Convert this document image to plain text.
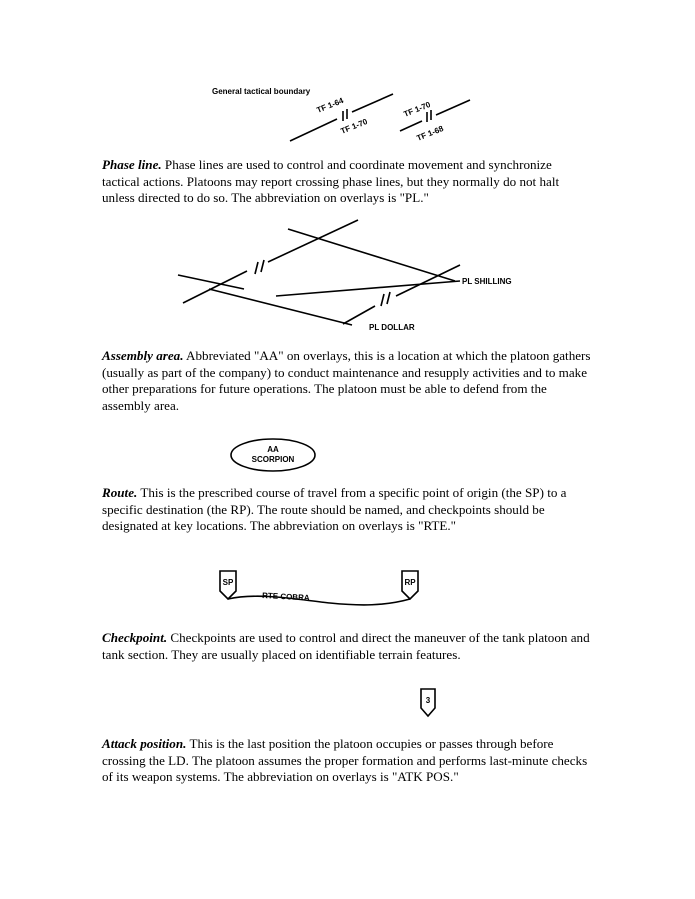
General tactical boundary
TF 1-64
TF 1-70
TF 1-70
TF 1-68

Phase line. Phase lines are used to control and coordinate movement and synchronize tactical actions. Platoons may report crossing phase lines, but they normally do not halt unless directed to do so. The abbreviation on overlays is "PL."

PL SHILLING
PL DOLLAR

Assembly area. Abbreviated "AA" on overlays, this is a location at which the platoon gathers (usually as part of the company) to conduct maintenance and resupply activities and to make other preparations for future operations. The platoon must be able to defend from the assembly area.

AA
SCORPION

Route. This is the prescribed course of travel from a specific point of origin (the SP) to a specific destination (the RP). The route should be named, and checkpoints should be designated at key locations. The abbreviation on overlays is "RTE."

SP	RP
RTE COBRA

Checkpoint. Checkpoints are used to control and direct the maneuver of the tank platoon and tank section. They are usually placed on identifiable terrain features.

3

Attack position. This is the last position the platoon occupies or passes through before crossing the LD. The platoon assumes the proper formation and performs last-minute checks of its weapon systems. The abbreviation on overlays is "ATK POS."
